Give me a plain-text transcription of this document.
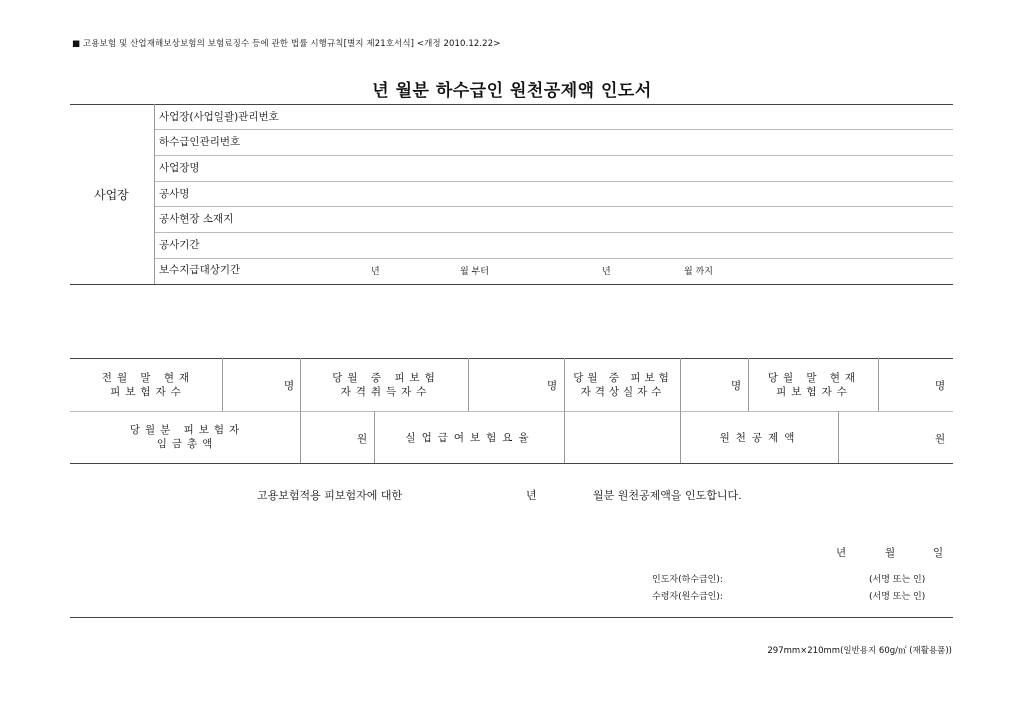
■ 고용보험 및 산업재해보상보험의 보험료징수 등에 관한 법률 시행규칙[별지 제21호서식] <개정 2010.12.22>
년 월분 하수급인 원천공제액 인도서
사업장
사업장(사업일괄)관리번호
하수급인관리번호
사업장명
공사명
공사현장 소재지
공사기간
보수지급대상기간	년	월 부터	년	월 까지
전월 말 현재
피보험자수	명
당월 중 피보험
자격취득자수	명
당월 중 피보험
자격상실자수	명
당월 말 현재
피보험자수	명
당월분 피보험자
임금총액	원	실업급여보험요율	원천공제액	원
고용보험적용 피보험자에 대한	년	월분 원천공제액을 인도합니다.
년	월	일
인도자(하수급인):	(서명 또는 인)
수령자(원수급인):	(서명 또는 인)
297mm×210mm(일반용지 60g/㎡ (재활용품))
